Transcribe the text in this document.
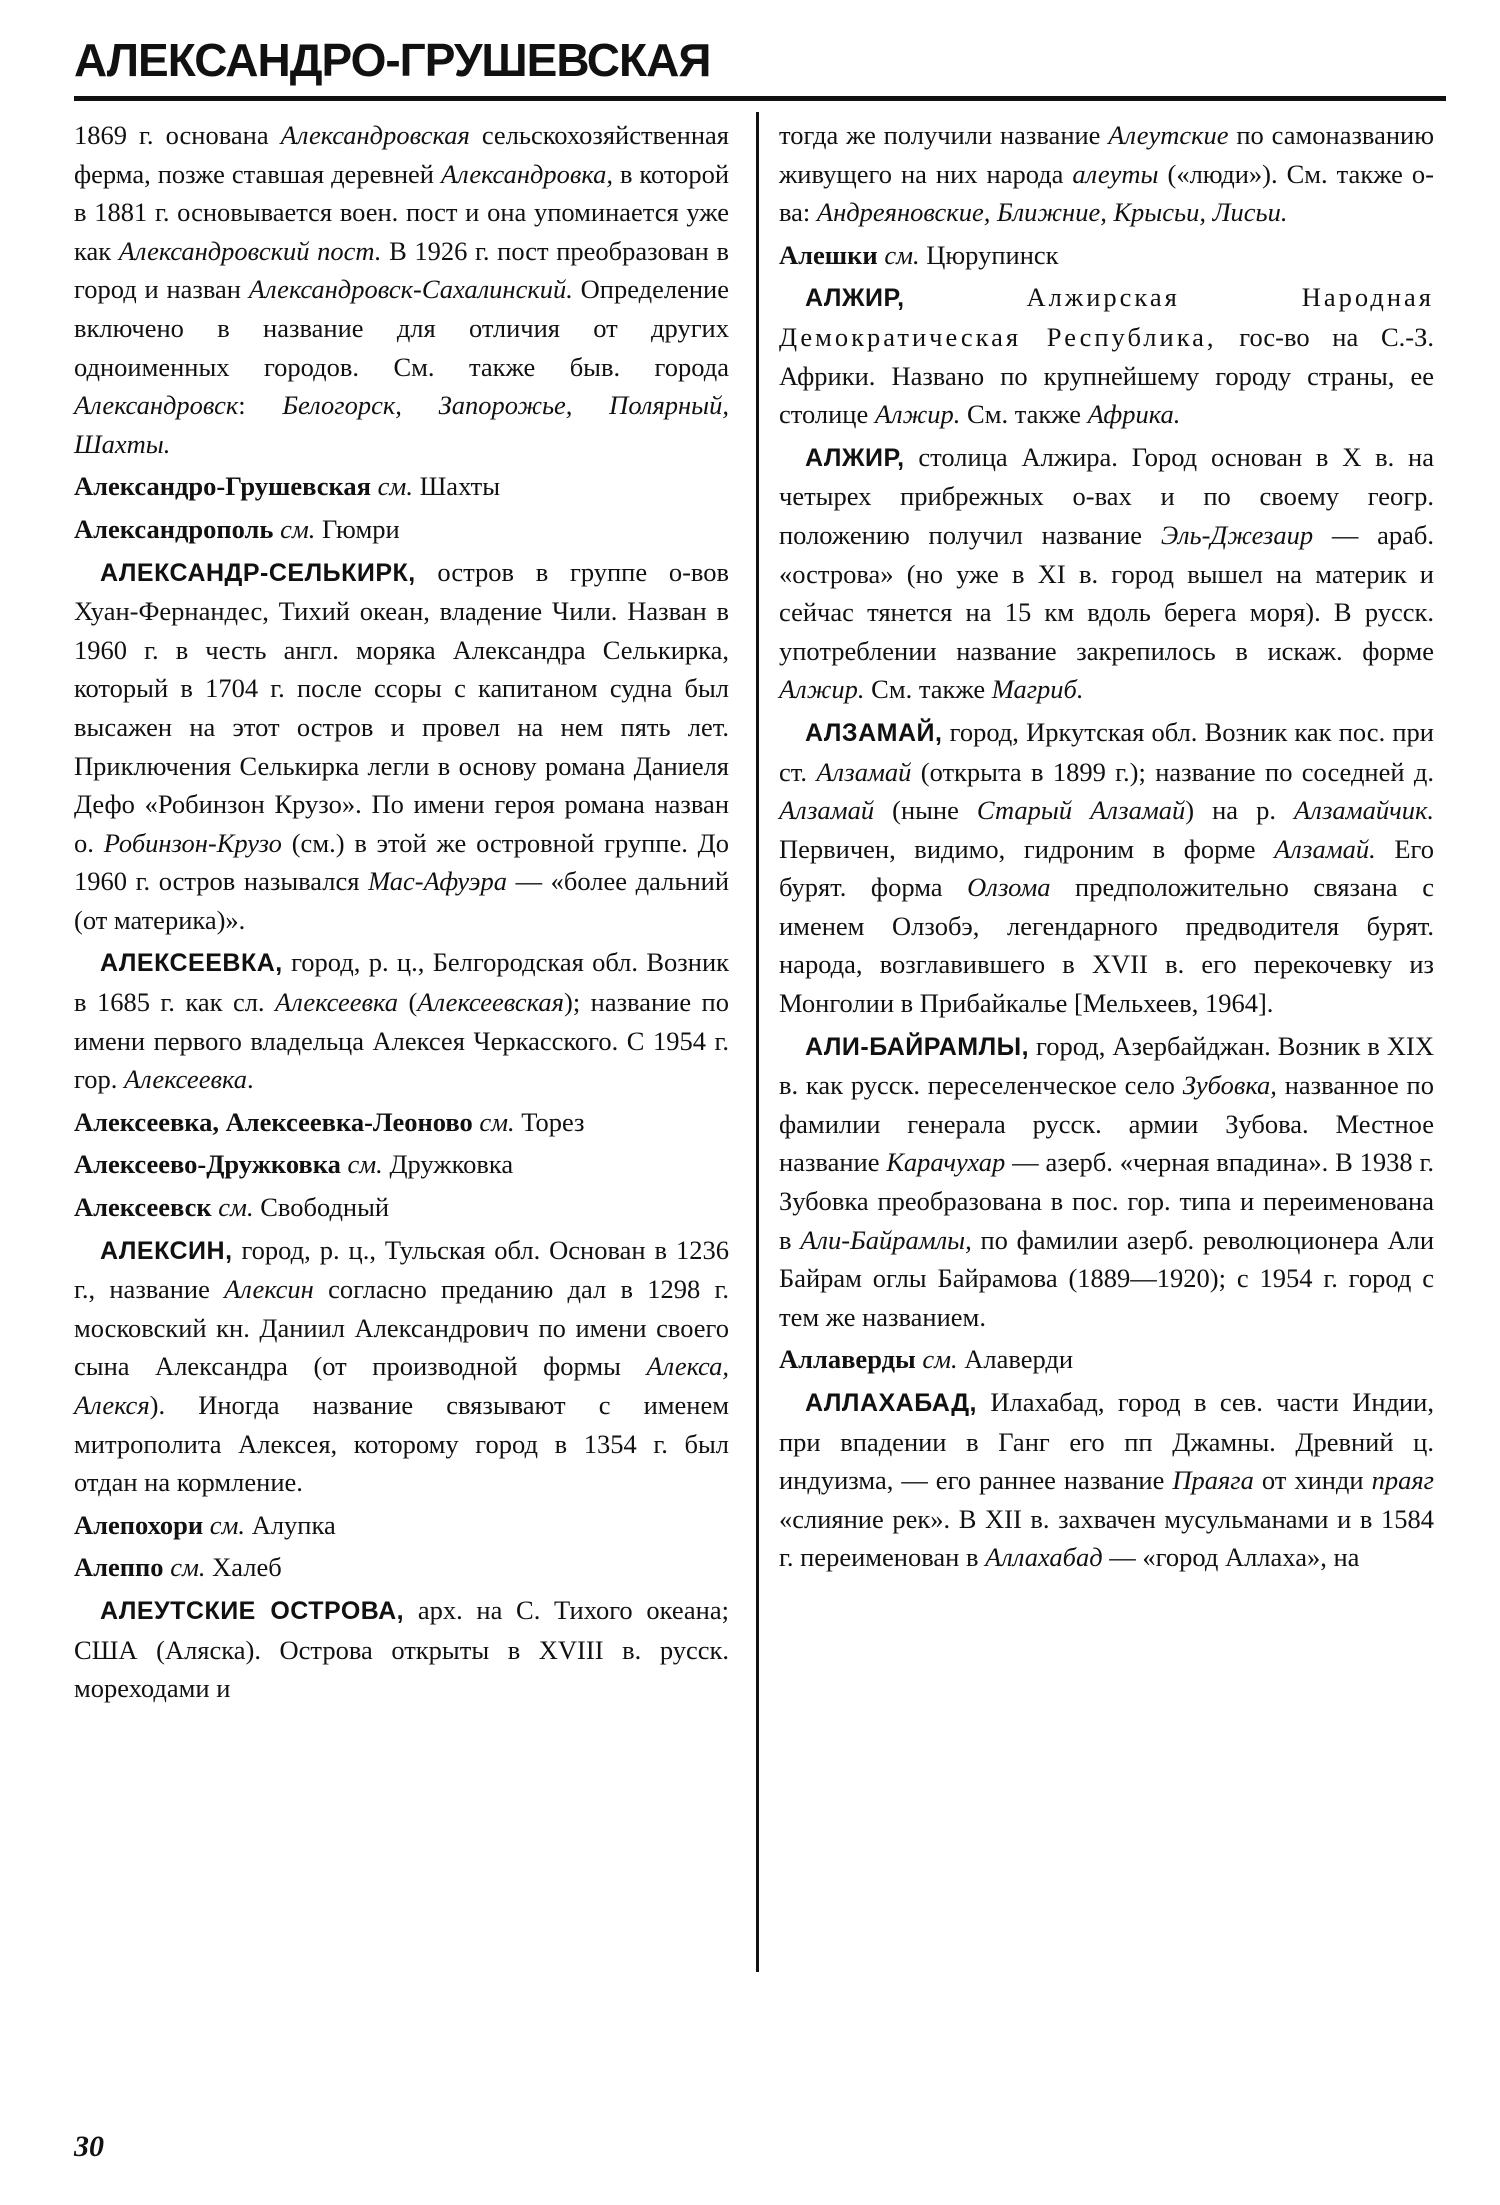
АЛЕКСАНДРО-ГРУШЕВСКАЯ

1869 г. основана Александровская сельскохозяйственная ферма, позже ставшая деревней Александровка, в которой в 1881 г. основывается воен. пост и она упоминается уже как Александровский пост. В 1926 г. пост преобразован в город и назван Александровск-Сахалинский. Определение включено в название для отличия от других одноименных городов. См. также быв. города Александровск: Белогорск, Запорожье, Полярный, Шахты.

Александро-Грушевская см. Шахты

Александрополь см. Гюмри

АЛЕКСАНДР-СЕЛЬКИРК, остров в группе о-вов Хуан-Фернандес, Тихий океан, владение Чили. Назван в 1960 г. в честь англ. моряка Александра Селькирка, который в 1704 г. после ссоры с капитаном судна был высажен на этот остров и провел на нем пять лет. Приключения Селькирка легли в основу романа Даниеля Дефо «Робинзон Крузо». По имени героя романа назван о. Робинзон-Крузо (см.) в этой же островной группе. До 1960 г. остров назывался Мас-Афуэра — «более дальний (от материка)».

АЛЕКСЕЕВКА, город, р. ц., Белгородская обл. Возник в 1685 г. как сл. Алексеевка (Алексеевская); название по имени первого владельца Алексея Черкасского. С 1954 г. гор. Алексеевка.

Алексеевка, Алексеевка-Леоново см. Торез

Алексеево-Дружковка см. Дружковка

Алексеевск см. Свободный

АЛЕКСИН, город, р. ц., Тульская обл. Основан в 1236 г., название Алексин согласно преданию дал в 1298 г. московский кн. Даниил Александрович по имени своего сына Александра (от производной формы Алекса, Алекся). Иногда название связывают с именем митрополита Алексея, которому город в 1354 г. был отдан на кормление.

Алепохори см. Алупка

Алеппо см. Халеб

АЛЕУТСКИЕ ОСТРОВА, арх. на С. Тихого океана; США (Аляска). Острова открыты в XVIII в. русск. мореходами и

тогда же получили название Алеутские по самоназванию живущего на них народа алеуты («люди»). См. также о-ва: Андреяновские, Ближние, Крысьи, Лисьи.

Алешки см. Цюрупинск

АЛЖИР, Алжирская Народная Демократическая Республика, гос-во на С.-З. Африки. Названо по крупнейшему городу страны, ее столице Алжир. См. также Африка.

АЛЖИР, столица Алжира. Город основан в X в. на четырех прибрежных о-вах и по своему геогр. положению получил название Эль-Джезаир — араб. «острова» (но уже в XI в. город вышел на материк и сейчас тянется на 15 км вдоль берега моря). В русск. употреблении название закрепилось в искаж. форме Алжир. См. также Магриб.

АЛЗАМАЙ, город, Иркутская обл. Возник как пос. при ст. Алзамай (открыта в 1899 г.); название по соседней д. Алзамай (ныне Старый Алзамай) на р. Алзамайчик. Первичен, видимо, гидроним в форме Алзамай. Его бурят. форма Олзома предположительно связана с именем Олзобэ, легендарного предводителя бурят. народа, возглавившего в XVII в. его перекочевку из Монголии в Прибайкалье [Мельхеев, 1964].

АЛИ-БАЙРАМЛЫ, город, Азербайджан. Возник в XIX в. как русск. переселенческое село Зубовка, названное по фамилии генерала русск. армии Зубова. Местное название Карачухар — азерб. «черная впадина». В 1938 г. Зубовка преобразована в пос. гор. типа и переименована в Али-Байрамлы, по фамилии азерб. революционера Али Байрам оглы Байрамова (1889—1920); с 1954 г. город с тем же названием.

Аллаверды см. Алаверди

АЛЛАХАБАД, Илахабад, город в сев. части Индии, при впадении в Ганг его пп Джамны. Древний ц. индуизма, — его раннее название Праяга от хинди праяг «слияние рек». В XII в. захвачен мусульманами и в 1584 г. переименован в Аллахабад — «город Аллаха», на

30
